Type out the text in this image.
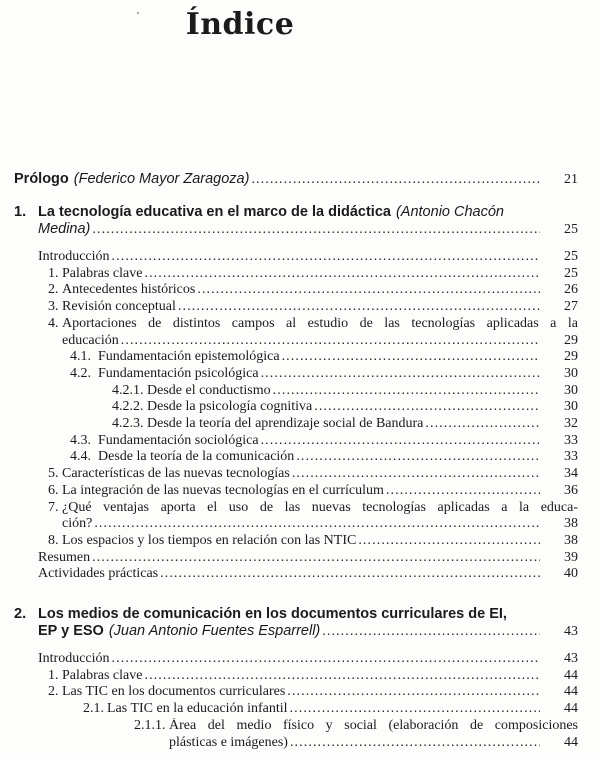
Índice
Prólogo (Federico Mayor Zaragoza) .....	21
1. La tecnología educativa en el marco de la didáctica (Antonio Chacón
Medina) .....	25
Introducción .....	25
1. Palabras clave .....	25
2. Antecedentes históricos .....	26
3. Revisión conceptual .....	27
4. Aportaciones de distintos campos al estudio de las tecnologías aplicadas a la
educación .....	29
4.1. Fundamentación epistemológica .....	29
4.2. Fundamentación psicológica .....	30
4.2.1. Desde el conductismo .....	30
4.2.2. Desde la psicología cognitiva .....	30
4.2.3. Desde la teoría del aprendizaje social de Bandura .....	32
4.3. Fundamentación sociológica .....	33
4.4. Desde la teoría de la comunicación .....	33
5. Características de las nuevas tecnologías .....	34
6. La integración de las nuevas tecnologías en el currículum .....	36
7. ¿Qué ventajas aporta el uso de las nuevas tecnologías aplicadas a la educa-
ción? .....	38
8. Los espacios y los tiempos en relación con las NTIC .....	38
Resumen .....	39
Actividades prácticas .....	40
2. Los medios de comunicación en los documentos curriculares de EI,
EP y ESO (Juan Antonio Fuentes Esparrell) .....	43
Introducción .....	43
1. Palabras clave .....	44
2. Las TIC en los documentos curriculares .....	44
2.1. Las TIC en la educación infantil .....	44
2.1.1. Área del medio físico y social (elaboración de composiciones
plásticas e imágenes) .....	44
